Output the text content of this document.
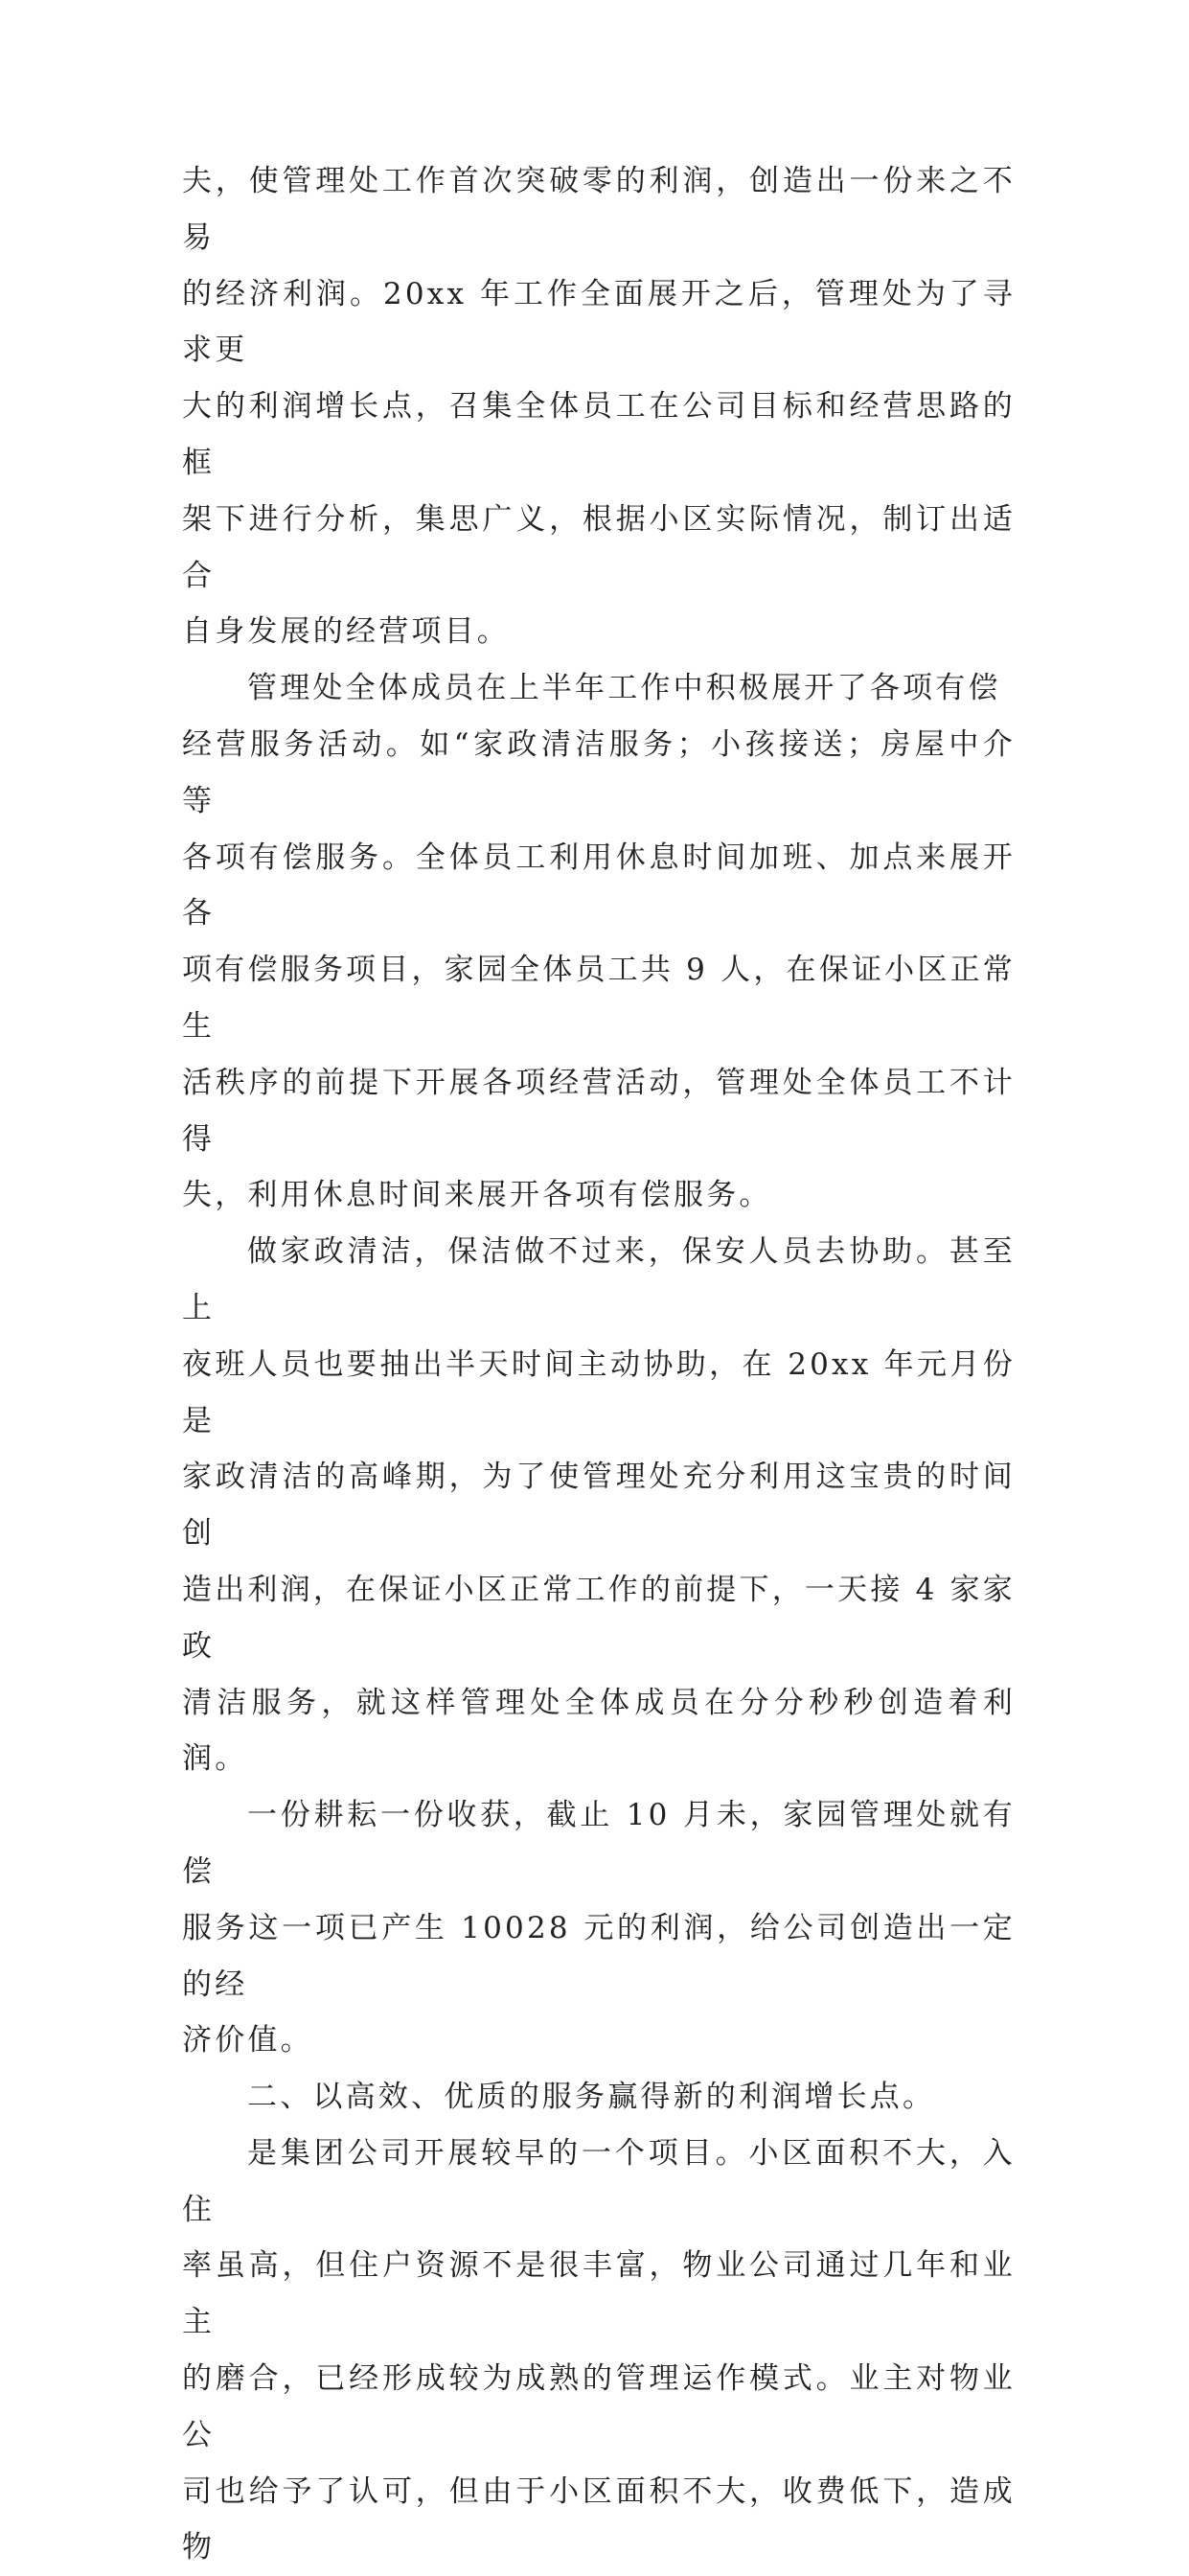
夫，使管理处工作首次突破零的利润，创造出一份来之不易
的经济利润。20xx 年工作全面展开之后，管理处为了寻求更
大的利润增长点，召集全体员工在公司目标和经营思路的框
架下进行分析，集思广义，根据小区实际情况，制订出适合
自身发展的经营项目。

管理处全体成员在上半年工作中积极展开了各项有偿
经营服务活动。如“家政清洁服务；小孩接送；房屋中介等
各项有偿服务。全体员工利用休息时间加班、加点来展开各
项有偿服务项目，家园全体员工共 9 人，在保证小区正常生
活秩序的前提下开展各项经营活动，管理处全体员工不计得
失，利用休息时间来展开各项有偿服务。

做家政清洁，保洁做不过来，保安人员去协助。甚至上
夜班人员也要抽出半天时间主动协助，在 20xx 年元月份是
家政清洁的高峰期，为了使管理处充分利用这宝贵的时间创
造出利润，在保证小区正常工作的前提下，一天接 4 家家政
清洁服务，就这样管理处全体成员在分分秒秒创造着利润。

一份耕耘一份收获，截止 10 月未，家园管理处就有偿
服务这一项已产生 10028 元的利润，给公司创造出一定的经
济价值。

二、以高效、优质的服务赢得新的利润增长点。

是集团公司开展较早的一个项目。小区面积不大，入住
率虽高，但住户资源不是很丰富，物业公司通过几年和业主
的磨合，已经形成较为成熟的管理运作模式。业主对物业公
司也给予了认可，但由于小区面积不大，收费低下，造成物
